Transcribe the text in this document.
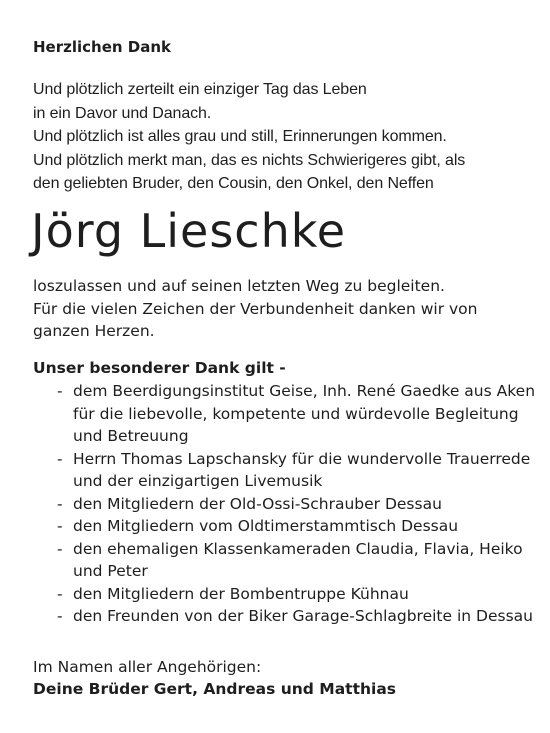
Herzlichen Dank

Und plötzlich zerteilt ein einziger Tag das Leben
in ein Davor und Danach.
Und plötzlich ist alles grau und still, Erinnerungen kommen.
Und plötzlich merkt man, das es nichts Schwierigeres gibt, als
den geliebten Bruder, den Cousin, den Onkel, den Neffen

Jörg Lieschke

loszulassen und auf seinen letzten Weg zu begleiten.
Für die vielen Zeichen der Verbundenheit danken wir von
ganzen Herzen.

Unser besonderer Dank gilt -

- dem Beerdigungsinstitut Geise, Inh. René Gaedke aus Aken für die liebevolle, kompetente und würdevolle Begleitung und Betreuung
- Herrn Thomas Lapschansky für die wundervolle Trauerrede und der einzigartigen Livemusik
- den Mitgliedern der Old-Ossi-Schrauber Dessau
- den Mitgliedern vom Oldtimerstammtisch Dessau
- den ehemaligen Klassenkameraden Claudia, Flavia, Heiko und Peter
- den Mitgliedern der Bombentruppe Kühnau
- den Freunden von der Biker Garage-Schlagbreite in Dessau

Im Namen aller Angehörigen:

Deine Brüder Gert, Andreas und Matthias
